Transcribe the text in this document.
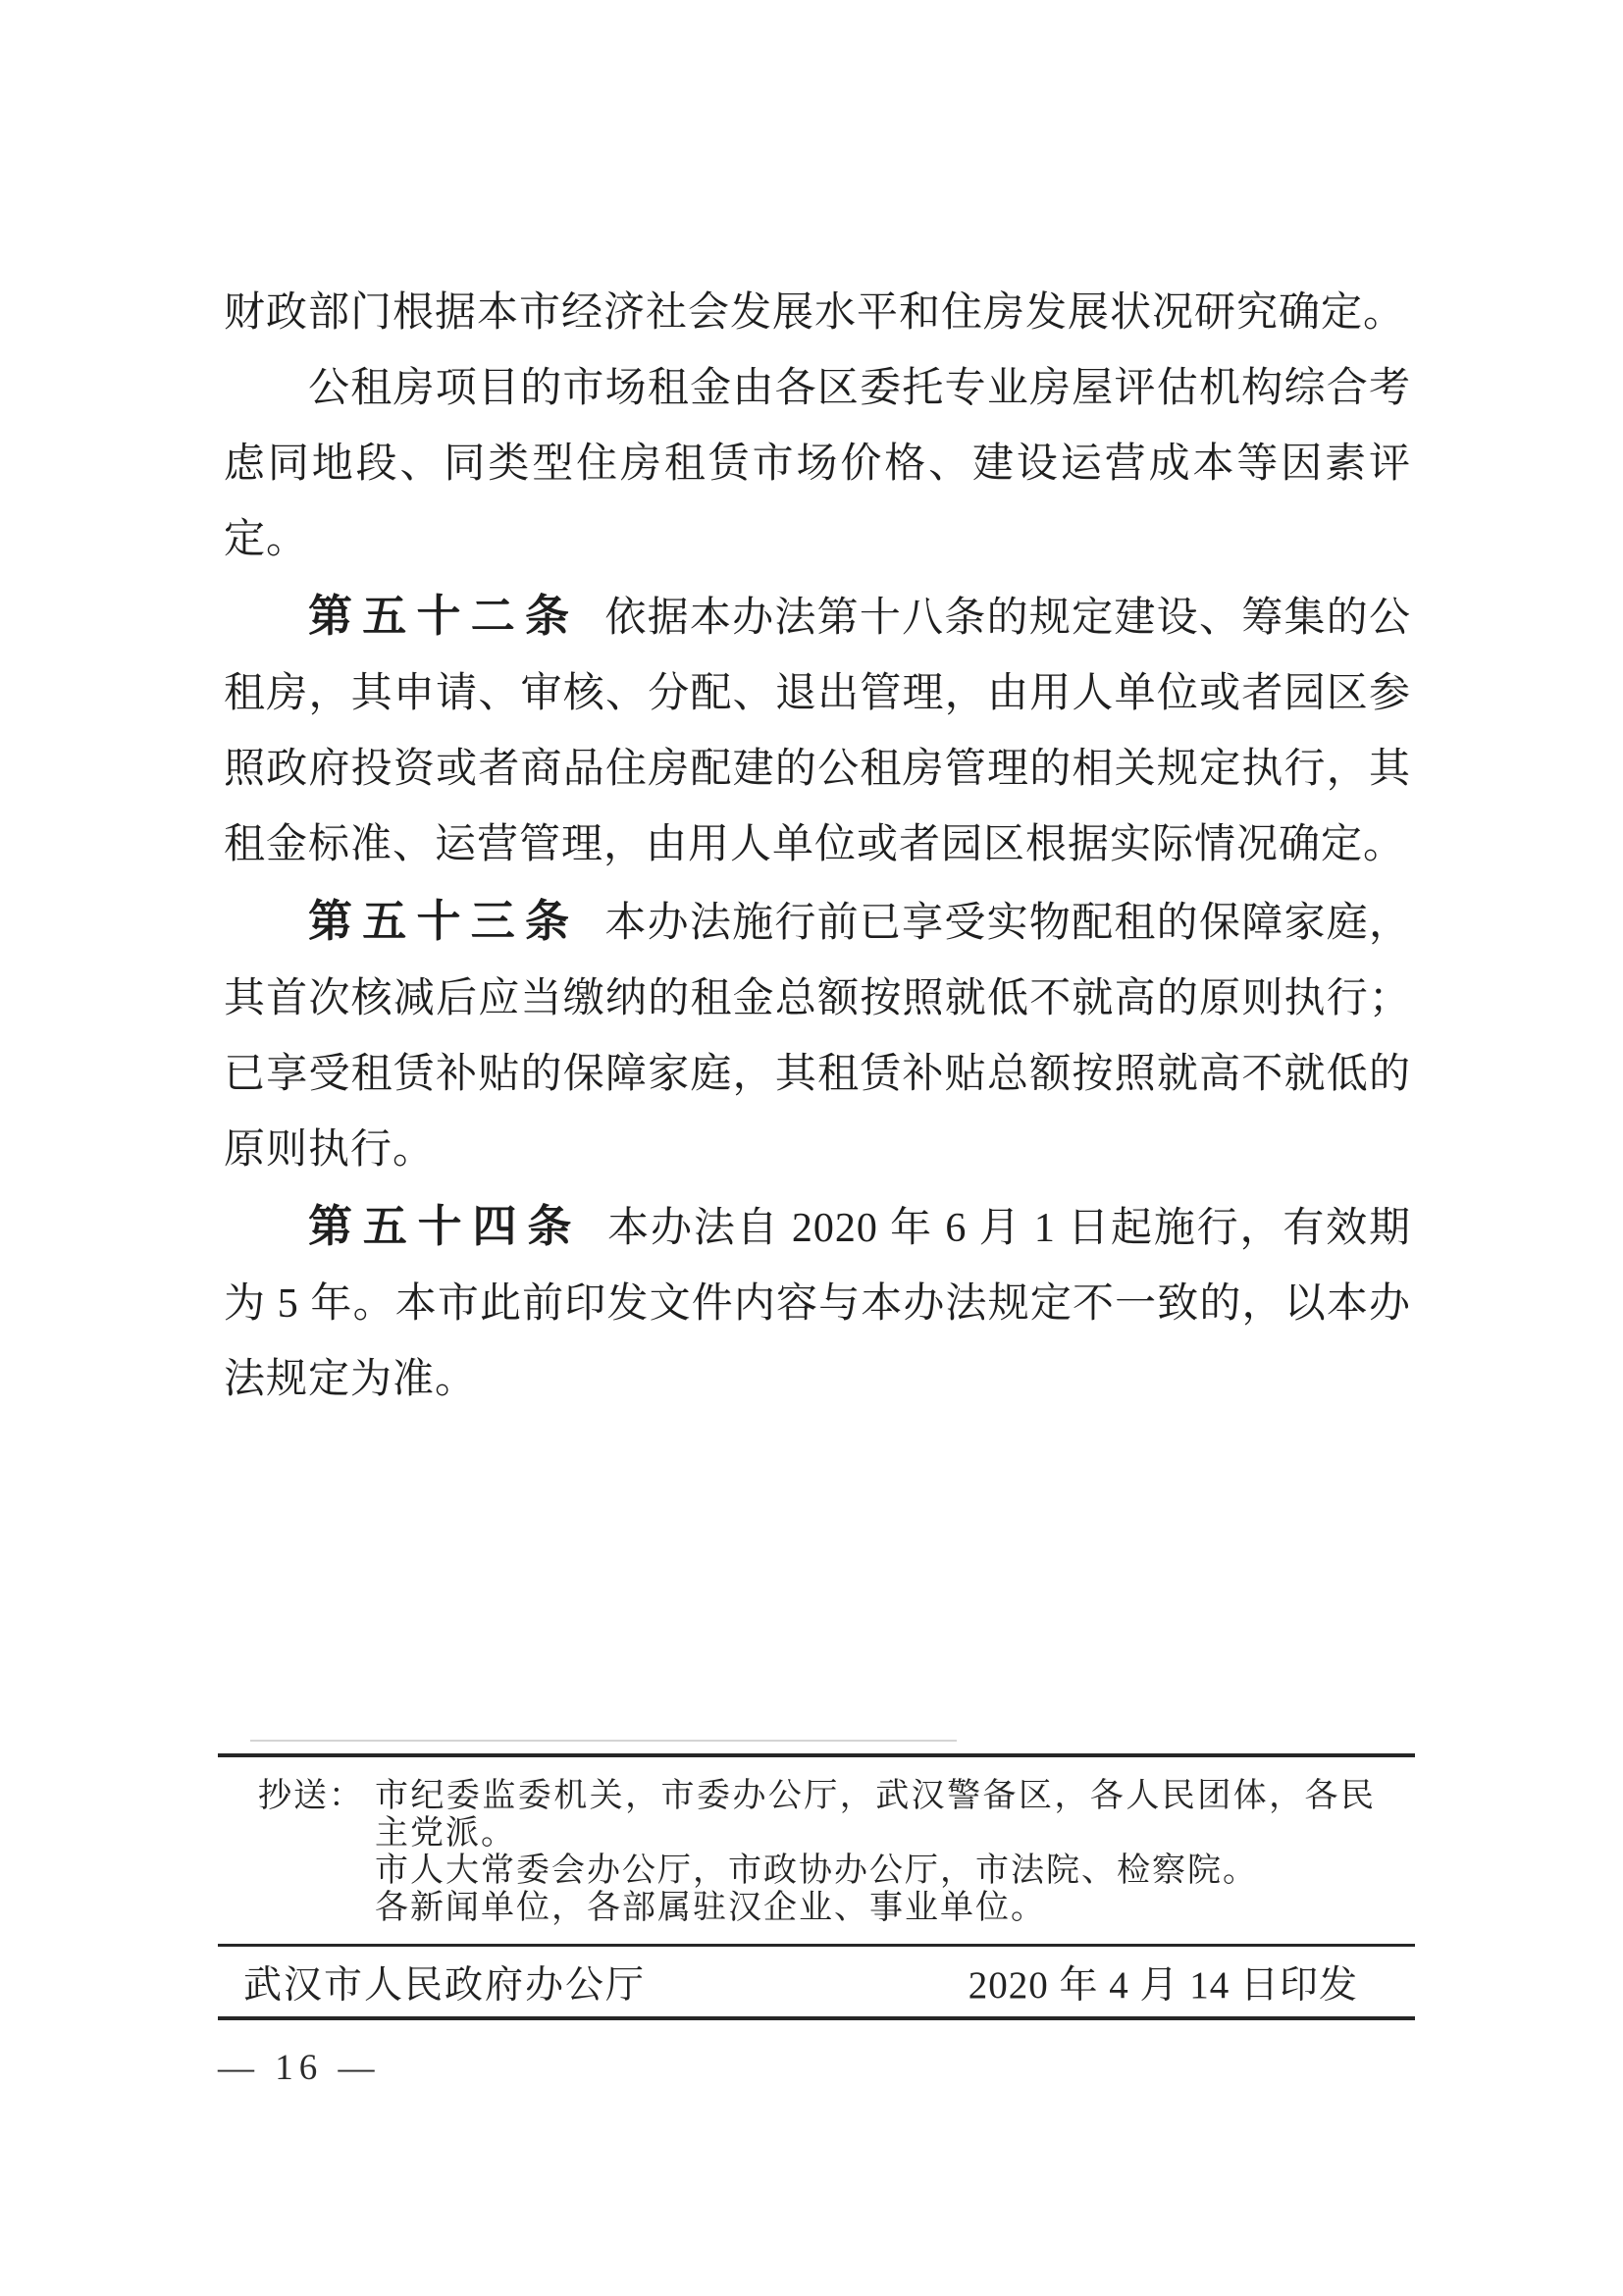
财政部门根据本市经济社会发展水平和住房发展状况研究确定。

公租房项目的市场租金由各区委托专业房屋评估机构综合考虑同地段、同类型住房租赁市场价格、建设运营成本等因素评定。

第五十二条 依据本办法第十八条的规定建设、筹集的公租房，其申请、审核、分配、退出管理，由用人单位或者园区参照政府投资或者商品住房配建的公租房管理的相关规定执行，其租金标准、运营管理，由用人单位或者园区根据实际情况确定。

第五十三条 本办法施行前已享受实物配租的保障家庭，其首次核减后应当缴纳的租金总额按照就低不就高的原则执行；已享受租赁补贴的保障家庭，其租赁补贴总额按照就高不就低的原则执行。

第五十四条 本办法自 2020 年 6 月 1 日起施行，有效期为 5 年。本市此前印发文件内容与本办法规定不一致的，以本办法规定为准。

抄送： 市纪委监委机关，市委办公厅，武汉警备区，各人民团体，各民主党派。

市人大常委会办公厅，市政协办公厅，市法院、检察院。

各新闻单位，各部属驻汉企业、事业单位。

武汉市人民政府办公厅	2020 年 4 月 14 日印发
— 16 —
